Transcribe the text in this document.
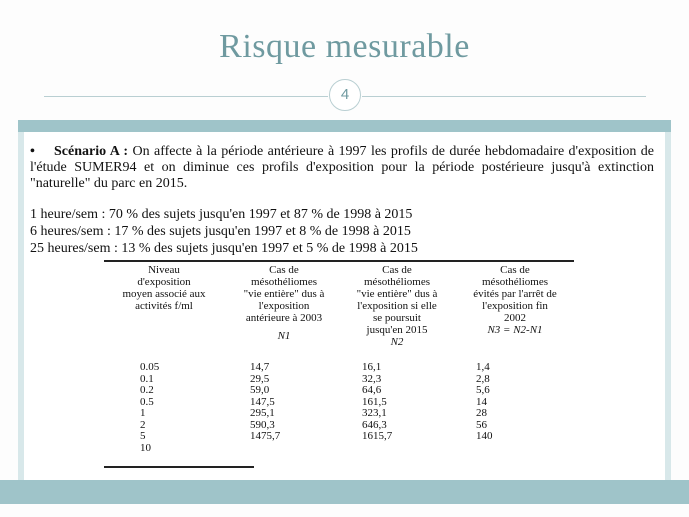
Risque mesurable
4
• Scénario A : On affecte à la période antérieure à 1997 les profils de durée hebdomadaire d'exposition de l'étude SUMER94 et on diminue ces profils d'exposition pour la période postérieure jusqu'à extinction "naturelle" du parc en 2015.
1 heure/sem : 70 % des sujets jusqu'en 1997 et 87 % de 1998 à 2015
6 heures/sem : 17 % des sujets jusqu'en 1997 et 8 % de 1998 à 2015
25 heures/sem : 13 % des sujets jusqu'en 1997 et 5 % de 1998 à 2015
Niveau
d'exposition
moyen associé aux
activités f/ml
Cas de
mésothéliomes
"vie entière" dus à
l'exposition
antérieure à 2003
N1
Cas de
mésothéliomes
"vie entière" dus à
l'exposition si elle
se poursuit
jusqu'en 2015
N2
Cas de
mésothéliomes
évités par l'arrêt de
l'exposition fin
2002
N3 = N2-N1
0.05
0.1
0.2
0.5
1
2
5
10
14,7
29,5
59,0
147,5
295,1
590,3
1475,7
16,1
32,3
64,6
161,5
323,1
646,3
1615,7
1,4
2,8
5,6
14
28
56
140
